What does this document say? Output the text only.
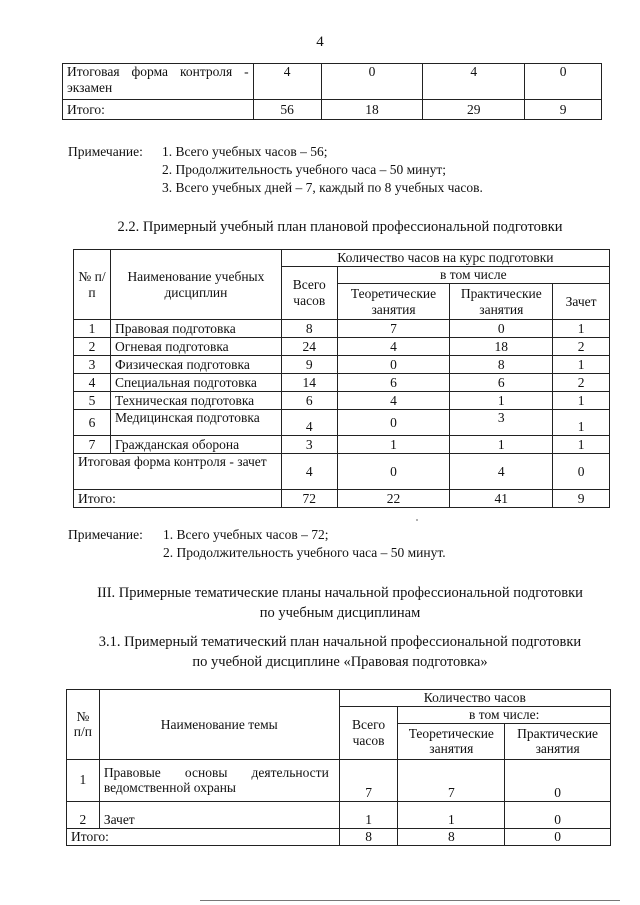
4
Итоговая форма контроля -
экзамен	4	0	4	0
Итого:	56	18	29	9
Примечание: 1. Всего учебных часов – 56;
2. Продолжительность учебного часа – 50 минут;
3. Всего учебных дней – 7, каждый по 8 учебных часов.
2.2. Примерный учебный план плановой профессиональной подготовки
№ п/п	Наименование учебных дисциплин	Количество часов на курс подготовки			
		Всего часов	в том числе		
			Теоретические занятия	Практические занятия	Зачет
1	Правовая подготовка	8	7	0	1
2	Огневая подготовка	24	4	18	2
3	Физическая подготовка	9	0	8	1
4	Специальная подготовка	14	6	6	2
5	Техническая подготовка	6	4	1	1
6	Медицинская подготовка	4	0	3	1
7	Гражданская оборона	3	1	1	1

Итоговая форма контроля - зачет		4	0	4	0
Итого:		72	22	41	9
Примечание: 1. Всего учебных часов – 72;
2. Продолжительность учебного часа – 50 минут.
III. Примерные тематические планы начальной профессиональной подготовки
по учебным дисциплинам
3.1. Примерный тематический план начальной профессиональной подготовки
по учебной дисциплине «Правовая подготовка»
№ п/п	Наименование темы	Количество часов		
		Всего часов	в том числе:	
			Теоретические занятия	Практические занятия
1	Правовые основы деятельности ведомственной охраны	7	7	0
2	Зачет	1	1	0
Итого:		8	8	0
